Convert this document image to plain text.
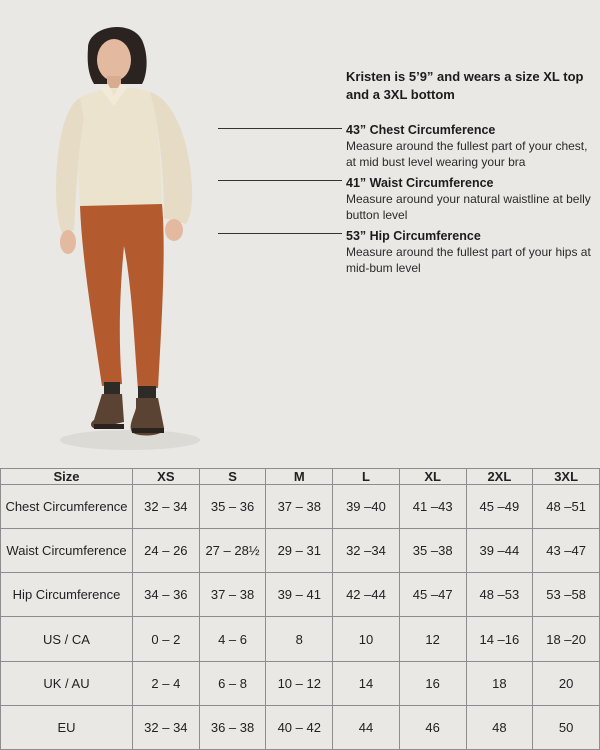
Kristen is 5’9” and wears a size XL top and a 3XL bottom
43” Chest Circumference
Measure around the fullest part of your chest, at mid bust level wearing your bra
41” Waist Circumference
Measure around your natural waistline at belly button level
53” Hip Circumference
Measure around the fullest part of your hips at mid-bum level
Size	XS	S	M	L	XL	2XL	3XL
Chest Circumference	32 – 34	35 – 36	37 – 38	39 –40	41 –43	45 –49	48 –51
Waist Circumference	24 – 26	27 – 28½	29 – 31	32 –34	35 –38	39 –44	43 –47
Hip Circumference	34 – 36	37 – 38	39 – 41	42 –44	45 –47	48 –53	53 –58
US / CA	0 – 2	4 – 6	8	10	12	14 –16	18 –20
UK / AU	2 – 4	6 – 8	10 – 12	14	16	18	20
EU	32 – 34	36 – 38	40 – 42	44	46	48	50
